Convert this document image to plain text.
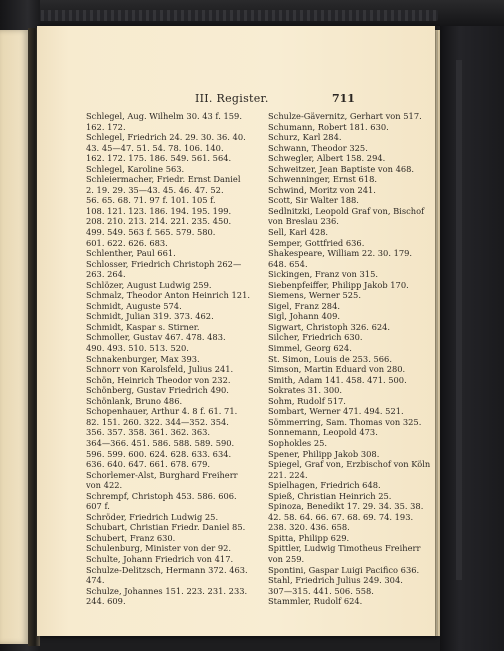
III. Register.	711
Schlegel, Aug. Wilhelm 30. 43 f. 159.
162. 172.
Schlegel, Friedrich 24. 29. 30. 36. 40.
43. 45—47. 51. 54. 78. 106. 140.
162. 172. 175. 186. 549. 561. 564.
Schlegel, Karoline 563.
Schleiermacher, Friedr. Ernst Daniel
2. 19. 29. 35—43. 45. 46. 47. 52.
56. 65. 68. 71. 97 f. 101. 105 f.
108. 121. 123. 186. 194. 195. 199.
208. 210. 213. 214. 221. 235. 450.
499. 549. 563 f. 565. 579. 580.
601. 622. 626. 683.
Schlenther, Paul 661.
Schlosser, Friedrich Christoph 262—
263. 264.
Schlözer, August Ludwig 259.
Schmalz, Theodor Anton Heinrich 121.
Schmidt, Auguste 574.
Schmidt, Julian 319. 373. 462.
Schmidt, Kaspar s. Stirner.
Schmoller, Gustav 467. 478. 483.
490. 493. 510. 513. 520.
Schnakenburger, Max 393.
Schnorr von Karolsfeld, Julius 241.
Schön, Heinrich Theodor von 232.
Schönberg, Gustav Friedrich 490.
Schönlank, Bruno 486.
Schopenhauer, Arthur 4. 8 f. 61. 71.
82. 151. 260. 322. 344—352. 354.
356. 357. 358. 361. 362. 363.
364—366. 451. 586. 588. 589. 590.
596. 599. 600. 624. 628. 633. 634.
636. 640. 647. 661. 678. 679.
Schorlemer-Alst, Burghard Freiherr
von 422.
Schrempf, Christoph 453. 586. 606.
607 f.
Schröder, Friedrich Ludwig 25.
Schubart, Christian Friedr. Daniel 85.
Schubert, Franz 630.
Schulenburg, Minister von der 92.
Schulte, Johann Friedrich von 417.
Schulze-Delitzsch, Hermann 372. 463.
474.
Schulze, Johannes 151. 223. 231. 233.
244. 609.
Schulze-Gävernitz, Gerhart von 517.
Schumann, Robert 181. 630.
Schurz, Karl 284.
Schwann, Theodor 325.
Schwegler, Albert 158. 294.
Schweitzer, Jean Baptiste von 468.
Schwenninger, Ernst 618.
Schwind, Moritz von 241.
Scott, Sir Walter 188.
Sedlnitzki, Leopold Graf von, Bischof
von Breslau 236.
Sell, Karl 428.
Semper, Gottfried 636.
Shakespeare, William 22. 30. 179.
648. 654.
Sickingen, Franz von 315.
Siebenpfeiffer, Philipp Jakob 170.
Siemens, Werner 525.
Sigel, Franz 284.
Sigl, Johann 409.
Sigwart, Christoph 326. 624.
Silcher, Friedrich 630.
Simmel, Georg 624.
St. Simon, Louis de 253. 566.
Simson, Martin Eduard von 280.
Smith, Adam 141. 458. 471. 500.
Sokrates 31. 300.
Sohm, Rudolf 517.
Sombart, Werner 471. 494. 521.
Sömmerring, Sam. Thomas von 325.
Sonnemann, Leopold 473.
Sophokles 25.
Spener, Philipp Jakob 308.
Spiegel, Graf von, Erzbischof von Köln
221. 224.
Spielhagen, Friedrich 648.
Spieß, Christian Heinrich 25.
Spinoza, Benedikt 17. 29. 34. 35. 38.
42. 58. 64. 66. 67. 68. 69. 74. 193.
238. 320. 436. 658.
Spitta, Philipp 629.
Spittler, Ludwig Timotheus Freiherr
von 259.
Spontini, Gaspar Luigi Pacifico 636.
Stahl, Friedrich Julius 249. 304.
307—315. 441. 506. 558.
Stammler, Rudolf 624.
